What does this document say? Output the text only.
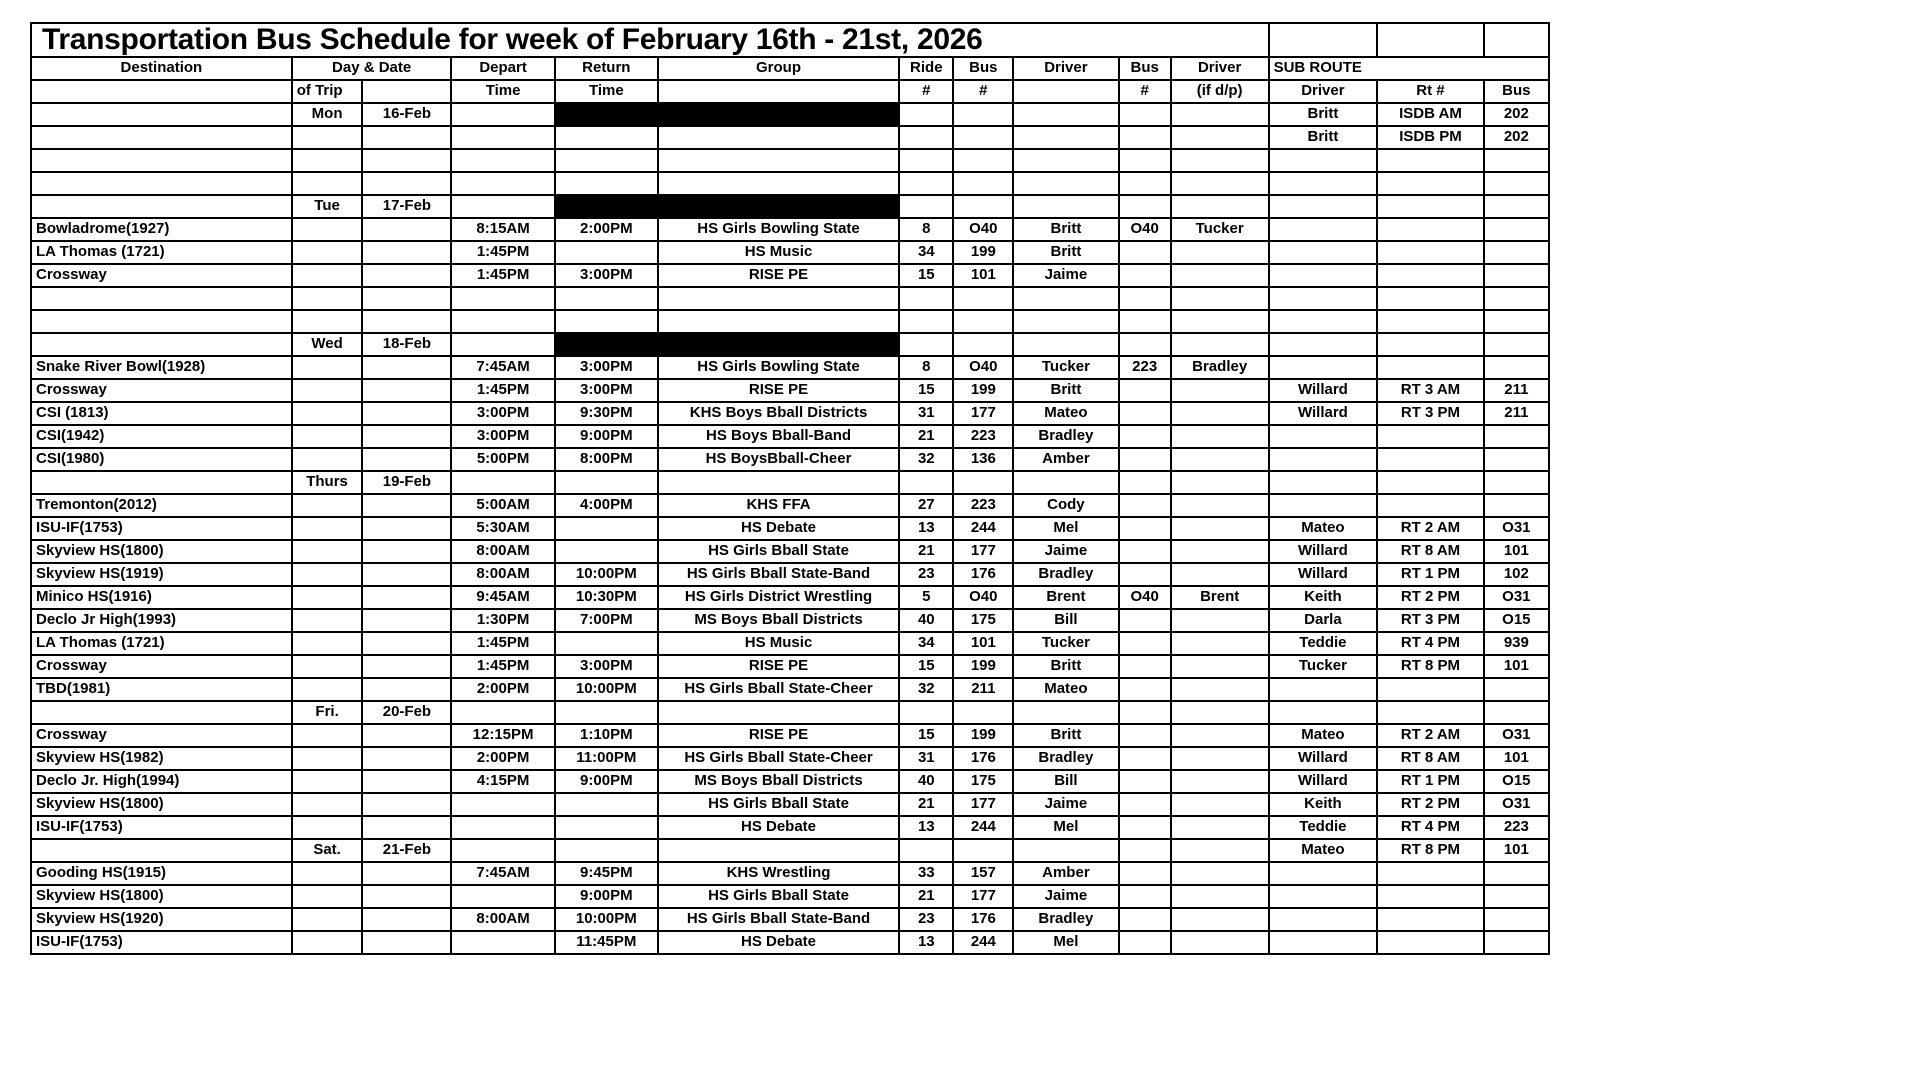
Transportation Bus Schedule for week of February 16th - 21st, 2026													
Destination	Day & Date		Depart	Return	Group	Ride	Bus	Driver	Bus	Driver	SUB ROUTE		
	of Trip		Time	Time		#	#		#	(if d/p)	Driver	Rt #	Bus
	Mon	16-Feb		No School-Matthew Off							Britt	ISDB AM	202
											Britt	ISDB PM	202

	Tue	17-Feb		Matthew Off									
Bowladrome(1927)			8:15AM	2:00PM	HS Girls Bowling State	8	O40	Britt	O40	Tucker			
LA Thomas (1721)			1:45PM		HS Music	34	199	Britt					
Crossway			1:45PM	3:00PM	RISE PE	15	101	Jaime					

	Wed	18-Feb		Darla Off									
Snake River Bowl(1928)			7:45AM	3:00PM	HS Girls Bowling State	8	O40	Tucker	223	Bradley			
Crossway			1:45PM	3:00PM	RISE PE	15	199	Britt			Willard	RT 3 AM	211
CSI (1813)			3:00PM	9:30PM	KHS Boys Bball Districts	31	177	Mateo			Willard	RT 3 PM	211
CSI(1942)			3:00PM	9:00PM	HS Boys Bball-Band	21	223	Bradley					
CSI(1980)			5:00PM	8:00PM	HS BoysBball-Cheer	32	136	Amber					
	Thurs	19-Feb											
Tremonton(2012)			5:00AM	4:00PM	KHS FFA	27	223	Cody					
ISU-IF(1753)			5:30AM		HS Debate	13	244	Mel			Mateo	RT 2 AM	O31
Skyview HS(1800)			8:00AM		HS Girls Bball State	21	177	Jaime			Willard	RT 8 AM	101
Skyview HS(1919)			8:00AM	10:00PM	HS Girls Bball State-Band	23	176	Bradley			Willard	RT 1 PM	102
Minico HS(1916)			9:45AM	10:30PM	HS Girls District Wrestling	5	O40	Brent	O40	Brent	Keith	RT 2 PM	O31
Declo Jr High(1993)			1:30PM	7:00PM	MS Boys Bball Districts	40	175	Bill			Darla	RT 3 PM	O15
LA Thomas (1721)			1:45PM		HS Music	34	101	Tucker			Teddie	RT 4 PM	939
Crossway			1:45PM	3:00PM	RISE PE	15	199	Britt			Tucker	RT 8 PM	101
TBD(1981)			2:00PM	10:00PM	HS Girls Bball State-Cheer	32	211	Mateo					
	Fri.	20-Feb											
Crossway			12:15PM	1:10PM	RISE PE	15	199	Britt			Mateo	RT 2 AM	O31
Skyview HS(1982)			2:00PM	11:00PM	HS Girls Bball State-Cheer	31	176	Bradley			Willard	RT 8 AM	101
Declo Jr. High(1994)			4:15PM	9:00PM	MS Boys Bball Districts	40	175	Bill			Willard	RT 1 PM	O15
Skyview HS(1800)					HS Girls Bball State	21	177	Jaime			Keith	RT 2 PM	O31
ISU-IF(1753)					HS Debate	13	244	Mel			Teddie	RT 4 PM	223
	Sat.	21-Feb									Mateo	RT 8 PM	101
Gooding HS(1915)			7:45AM	9:45PM	KHS Wrestling	33	157	Amber					
Skyview HS(1800)				9:00PM	HS Girls Bball State	21	177	Jaime					
Skyview HS(1920)			8:00AM	10:00PM	HS Girls Bball State-Band	23	176	Bradley					
ISU-IF(1753)				11:45PM	HS Debate	13	244	Mel					
